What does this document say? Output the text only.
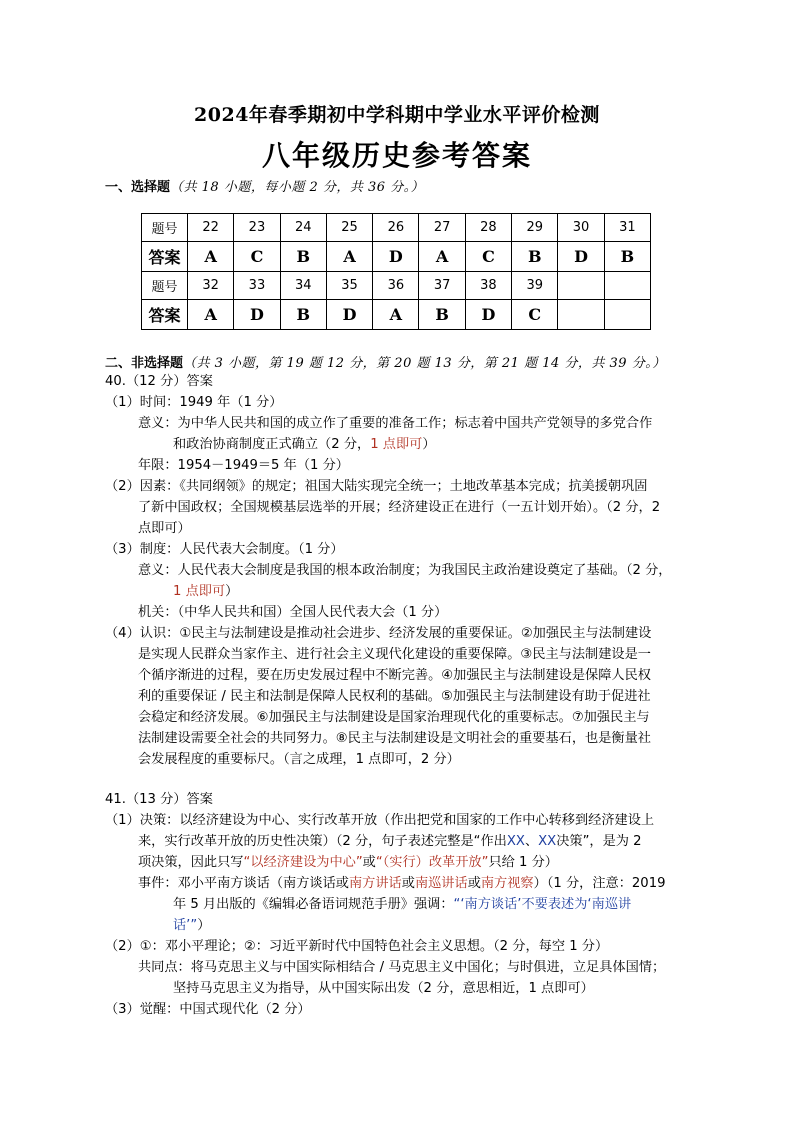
2024年春季期初中学科期中学业水平评价检测
八年级历史参考答案
一、选择题（共 18 小题，每小题 2 分，共 36 分。）
题号	22	23	24	25	26	27	28	29	30	31
答案	A	C	B	A	D	A	C	B	D	B
题号	32	33	34	35	36	37	38	39		
答案	A	D	B	D	A	B	D	C		
二、非选择题（共 3 小题，第 19 题 12 分，第 20 题 13 分，第 21 题 14 分，共 39 分。）
40.（12 分）答案
（1）时间：1949 年（1 分）
意义：为中华人民共和国的成立作了重要的准备工作；标志着中国共产党领导的多党合作
和政治协商制度正式确立（2 分，1 点即可）
年限：1954－1949＝5 年（1 分）
（2）因素：《共同纲领》的规定；祖国大陆实现完全统一；土地改革基本完成；抗美援朝巩固
了新中国政权；全国规模基层选举的开展；经济建设正在进行（一五计划开始）。（2 分，2
点即可）
（3）制度：人民代表大会制度。（1 分）
意义：人民代表大会制度是我国的根本政治制度；为我国民主政治建设奠定了基础。（2 分，
1 点即可）
机关：（中华人民共和国）全国人民代表大会（1 分）
（4）认识：①民主与法制建设是推动社会进步、经济发展的重要保证。②加强民主与法制建设
是实现人民群众当家作主、进行社会主义现代化建设的重要保障。③民主与法制建设是一
个循序渐进的过程，要在历史发展过程中不断完善。④加强民主与法制建设是保障人民权
利的重要保证 / 民主和法制是保障人民权利的基础。⑤加强民主与法制建设有助于促进社
会稳定和经济发展。⑥加强民主与法制建设是国家治理现代化的重要标志。⑦加强民主与
法制建设需要全社会的共同努力。⑧民主与法制建设是文明社会的重要基石，也是衡量社
会发展程度的重要标尺。（言之成理，1 点即可，2 分）
41.（13 分）答案
（1）决策：以经济建设为中心、实行改革开放（作出把党和国家的工作中心转移到经济建设上
来，实行改革开放的历史性决策）（2 分，句子表述完整是“作出XX、XX决策”，是为 2
项决策，因此只写“以经济建设为中心”或“（实行）改革开放”只给 1 分）
事件：邓小平南方谈话（南方谈话或南方讲话或南巡讲话或南方视察）（1 分，注意：2019
年 5 月出版的《编辑必备语词规范手册》强调：“‘南方谈话’不要表述为‘南巡讲
话’”）
（2）①：邓小平理论；②：习近平新时代中国特色社会主义思想。（2 分，每空 1 分）
共同点：将马克思主义与中国实际相结合 / 马克思主义中国化；与时俱进，立足具体国情；
坚持马克思主义为指导，从中国实际出发（2 分，意思相近，1 点即可）
（3）觉醒：中国式现代化（2 分）
